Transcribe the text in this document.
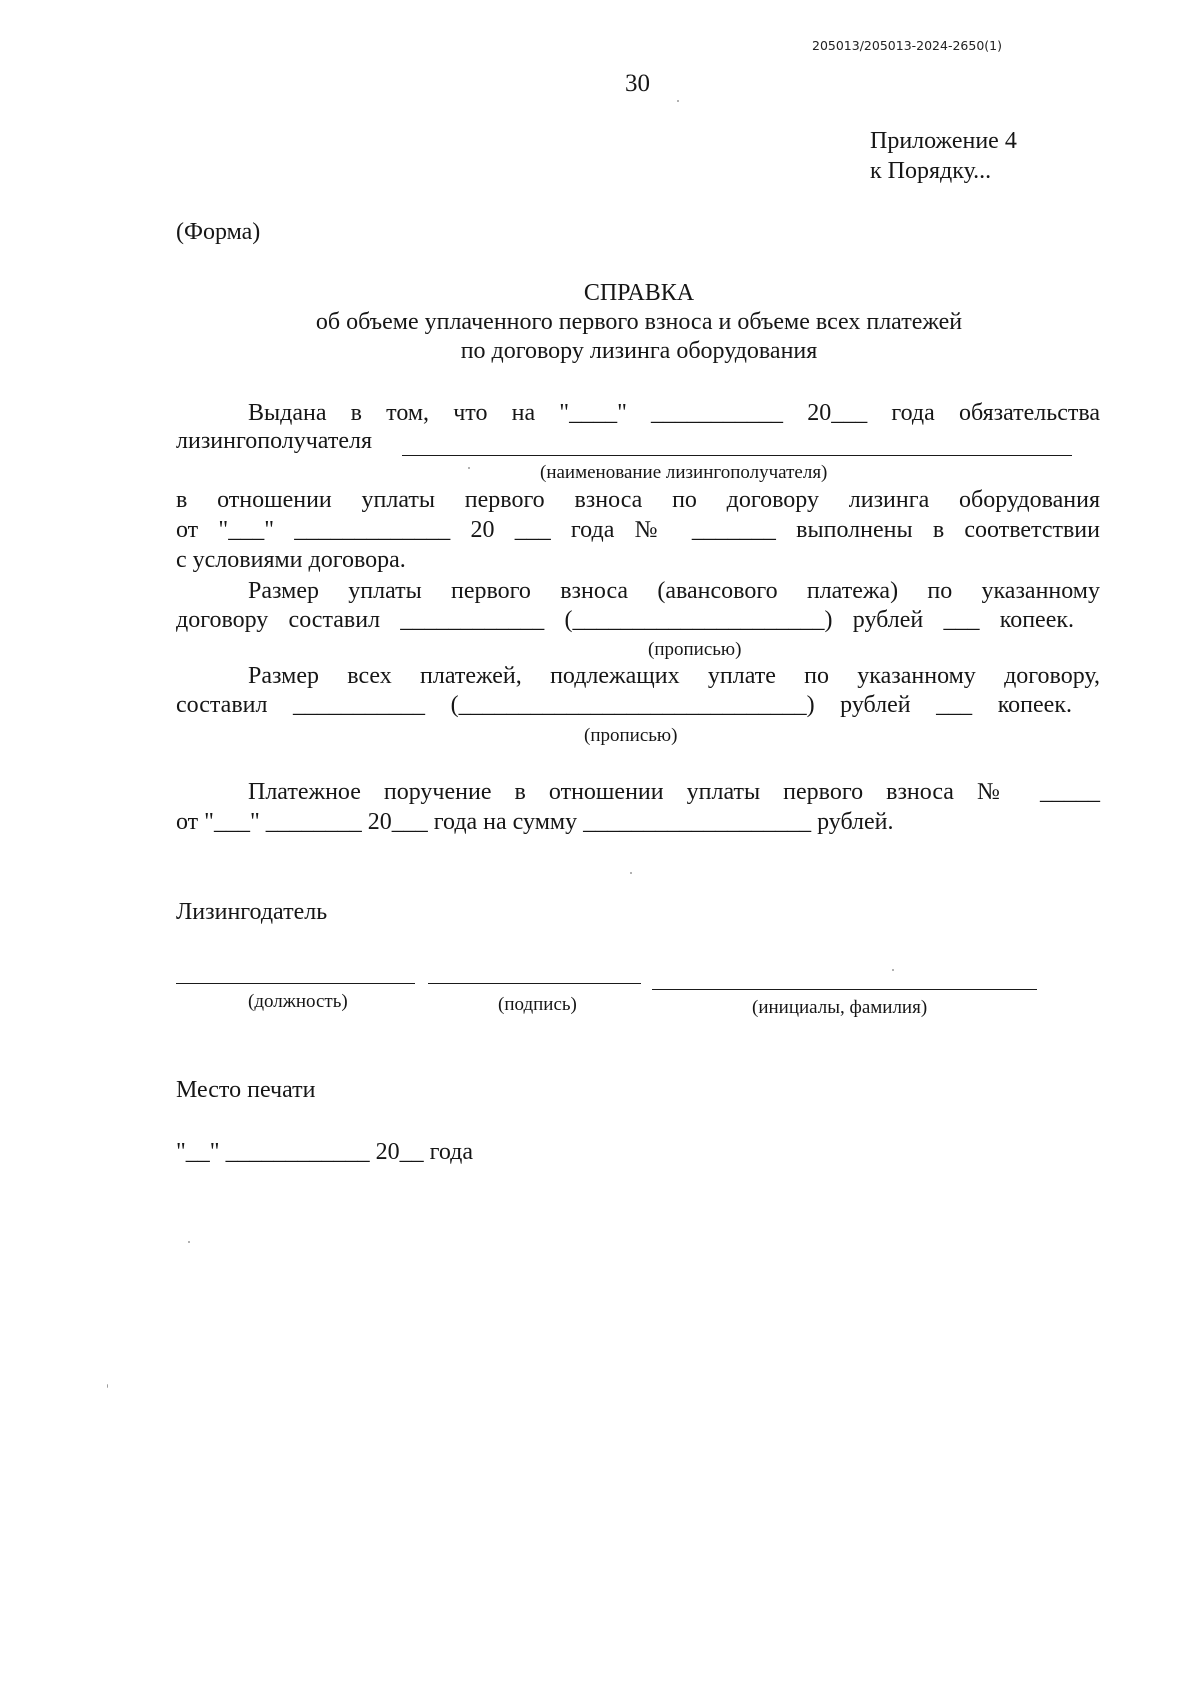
205013/205013-2024-2650(1)
30
Приложение 4
к Порядку...
(Форма)
СПРАВКА
об объеме уплаченного первого взноса и объеме всех платежей
по договору лизинга оборудования
Выдана в том, что на "____" ___________ 20___ года обязательства
лизингополучателя
(наименование лизингополучателя)
в отношении уплаты первого взноса по договору лизинга оборудования
от "___" _____________ 20 ___ года № _______ выполнены в соответствии
с условиями договора.
Размер уплаты первого взноса (авансового платежа) по указанному
договору составил ____________ (_____________________) рублей ___ копеек.
(прописью)
Размер всех платежей, подлежащих уплате по указанному договору,
составил ___________ (_____________________________) рублей ___ копеек.
(прописью)
Платежное поручение в отношении уплаты первого взноса № _____
от "___" ________ 20___ года на сумму ___________________ рублей.
Лизингодатель
(должность)	(подпись)	(инициалы, фамилия)
Место печати
"__" ____________ 20__ года
